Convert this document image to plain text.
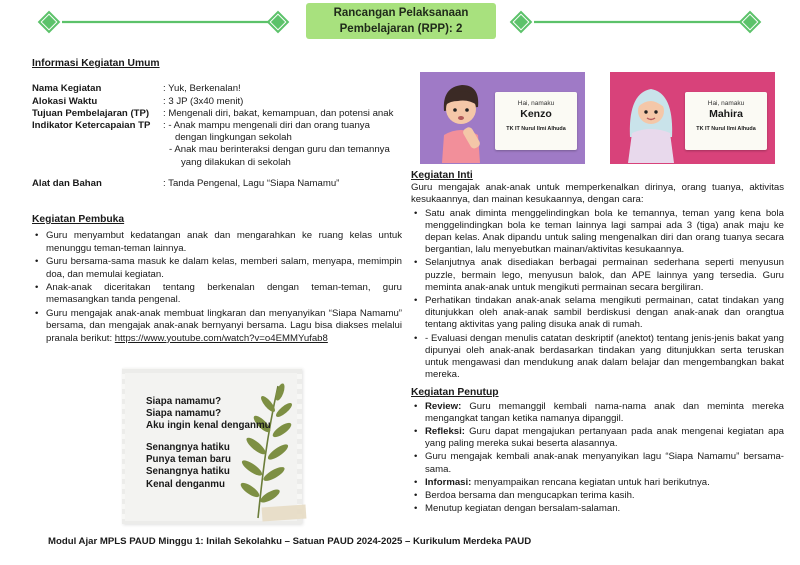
Rancangan Pelaksanaan
Pembelajaran (RPP): 2
Informasi Kegiatan Umum
Nama Kegiatan	: Yuk, Berkenalan!
Alokasi Waktu	: 3 JP (3x40 menit)
Tujuan Pembelajaran (TP)	: Mengenali diri, bakat, kemampuan, dan potensi anak
Indikator Ketercapaian TP	: - Anak mampu mengenali diri dan orang tuanya dengan lingkungan sekolah
- Anak mau berinteraksi dengan guru dan temannya yang dilakukan di sekolah
Alat dan Bahan	: Tanda Pengenal, Lagu “Siapa Namamu”
Kegiatan Pembuka
• Guru menyambut kedatangan anak dan mengarahkan ke ruang kelas untuk menunggu teman-teman lainnya.
• Guru bersama-sama masuk ke dalam kelas, memberi salam, menyapa, memimpin doa, dan memulai kegiatan.
• Anak-anak diceritakan tentang berkenalan dengan teman-teman, guru memasangkan tanda pengenal.
• Guru mengajak anak-anak membuat lingkaran dan menyanyikan “Siapa Namamu” bersama, dan mengajak anak-anak bernyanyi bersama. Lagu bisa diakses melalui pranala berikut: https://www.youtube.com/watch?v=o4EMMYufab8
Siapa namamu?
Siapa namamu?
Aku ingin kenal denganmu
Senangnya hatiku
Punya teman baru
Senangnya hatiku
Kenal denganmu
Hai, namaku
Kenzo
TK IT Nurul Ilmi Alhuda
Hai, namaku
Mahira
TK IT Nurul Ilmi Alhuda
Kegiatan Inti

Guru mengajak anak-anak untuk memperkenalkan dirinya, orang tuanya, aktivitas kesukaannya, dan mainan kesukaannya, dengan cara:

• Satu anak diminta menggelindingkan bola ke temannya, teman yang kena bola menggelindingkan bola ke teman lainnya lagi sampai ada 3 (tiga) anak maju ke depan kelas. Anak dipandu untuk saling mengenalkan diri dan orang tuanya secara bergantian, lalu menyebutkan mainan/aktivitas kesukaannya.
• Selanjutnya anak disediakan berbagai permainan sederhana seperti menyusun puzzle, bermain lego, menyusun balok, dan APE lainnya yang tersedia. Guru meminta anak-anak untuk mengikuti permainan secara bergiliran.
• Perhatikan tindakan anak-anak selama mengikuti permainan, catat tindakan yang ditunjukkan oleh anak-anak sambil berdiskusi dengan anak-anak dan orangtua tentang aktivitas yang paling disuka anak di rumah.
• - Evaluasi dengan menulis catatan deskriptif (anektot) tentang jenis-jenis bakat yang dipunyai oleh anak-anak berdasarkan tindakan yang ditunjukkan serta teruskan untuk mengawasi dan mendukung anak dalam belajar dan mengembangkan bakat mereka.
Kegiatan Penutup
• Review: Guru memanggil kembali nama-nama anak dan meminta mereka mengangkat tangan ketika namanya dipanggil.
• Refleksi: Guru dapat mengajukan pertanyaan pada anak mengenai kegiatan apa yang paling mereka sukai beserta alasannya.
• Guru mengajak kembali anak-anak menyanyikan lagu “Siapa Namamu” bersama-sama.
• Informasi: menyampaikan rencana kegiatan untuk hari berikutnya.
• Berdoa bersama dan mengucapkan terima kasih.
• Menutup kegiatan dengan bersalam-salaman.
Modul Ajar MPLS PAUD Minggu 1: Inilah Sekolahku – Satuan PAUD 2024-2025 – Kurikulum Merdeka PAUD
